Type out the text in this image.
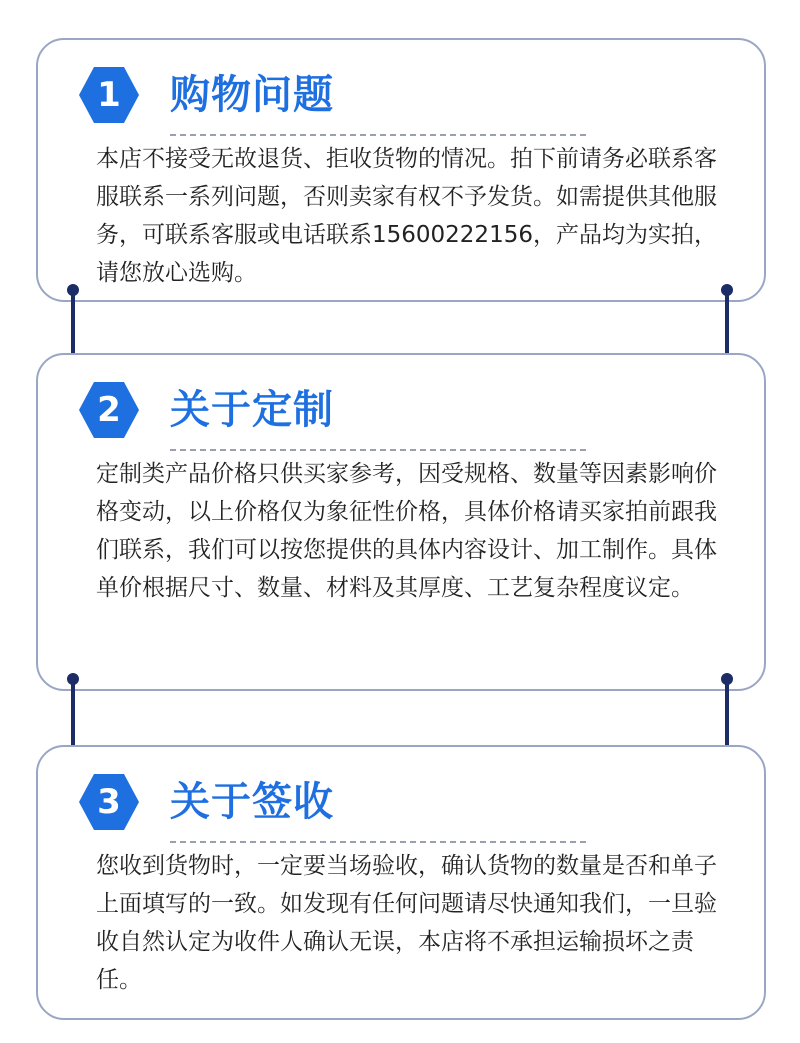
1	购物问题

本店不接受无故退货、拒收货物的情况。拍下前请务必联系客服联系一系列问题，否则卖家有权不予发货。如需提供其他服务，可联系客服或电话联系15600222156，产品均为实拍，请您放心选购。

2	关于定制

定制类产品价格只供买家参考，因受规格、数量等因素影响价格变动，以上价格仅为象征性价格，具体价格请买家拍前跟我们联系，我们可以按您提供的具体内容设计、加工制作。具体单价根据尺寸、数量、材料及其厚度、工艺复杂程度议定。

3	关于签收

您收到货物时，一定要当场验收，确认货物的数量是否和单子上面填写的一致。如发现有任何问题请尽快通知我们，一旦验收自然认定为收件人确认无误，本店将不承担运输损坏之责任。
